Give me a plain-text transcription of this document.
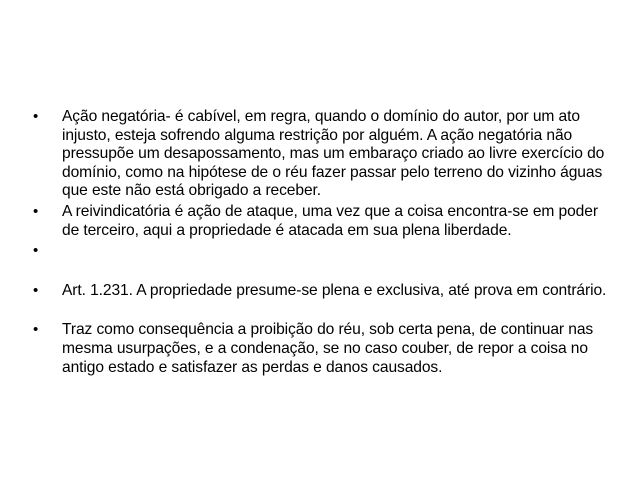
• Ação negatória- é cabível, em regra, quando o domínio do autor, por um ato injusto, esteja sofrendo alguma restrição por alguém. A ação negatória não pressupõe um desapossamento, mas um embaraço criado ao livre exercício do domínio, como na hipótese de o réu fazer passar pelo terreno do vizinho águas que este não está obrigado a receber.
• A reivindicatória é ação de ataque, uma vez que a coisa encontra-se em poder de terceiro, aqui a propriedade é atacada em sua plena liberdade.
•

• Art. 1.231. A propriedade presume-se plena e exclusiva, até prova em contrário.
• Traz como consequência a proibição do réu, sob certa pena, de continuar nas mesma usurpações, e a condenação, se no caso couber, de repor a coisa no antigo estado e satisfazer as perdas e danos causados.
